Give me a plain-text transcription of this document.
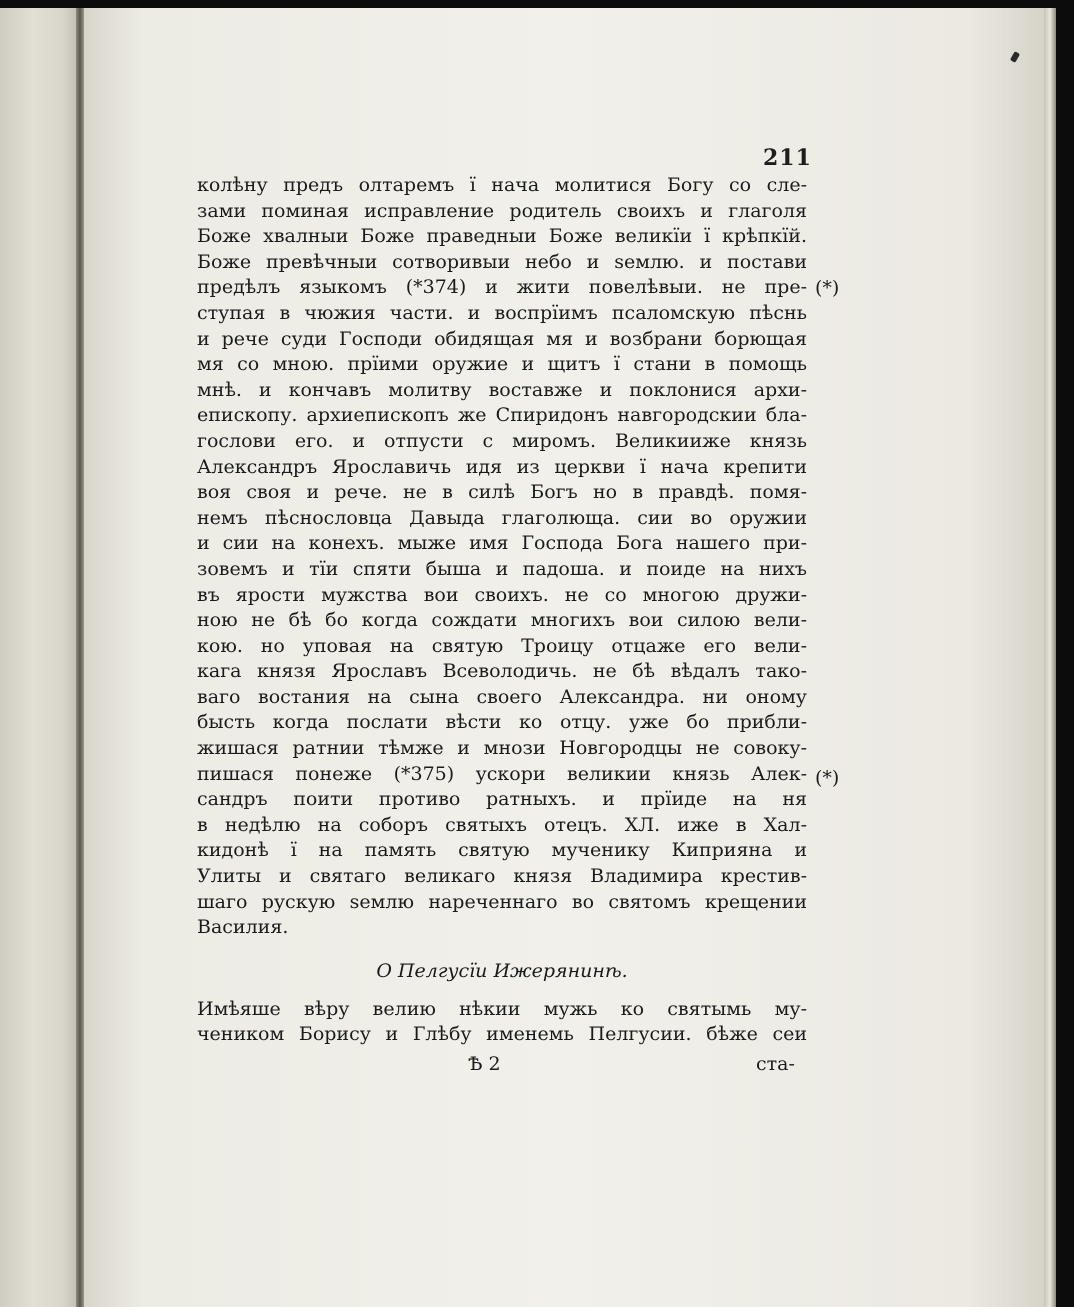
211
колѣну предъ олтаремъ ї нача молитися Богу со сле-
зами поминая исправление родитель своихъ и глаголя
Боже хвалныи Боже праведныи Боже великїи ї крѣпкїй.
Боже превѣчныи сотворивыи небо и ѕемлю. и постави
предѣлъ языкомъ (*374) и жити повелѣвыи. не пре-
ступая в чюжия части. и воспрїимъ псаломскую пѣснь
и рече суди Господи обидящая мя и возбрани борющая
мя со мною. прїими оружие и щитъ ї стани в помощь
мнѣ. и кончавъ молитву воставже и поклонися архи-
епископу. архиепископъ же Спиридонъ навгородскии бла-
гослови его. и отпусти с миромъ. Великииже князь
Александръ Ярославичь идя из церкви ї нача крепити
воя своя и рече. не в силѣ Богъ но в правдѣ. помя-
немъ пѣснословца Давыда глаголюща. сии во оружии
и сии на конехъ. мыже имя Господа Бога нашего при-
зовемъ и тїи спяти быша и падоша. и поиде на нихъ
въ ярости мужства вои своихъ. не со многою дружи-
ною не бѣ бо когда сождати многихъ вои силою вели-
кою. но уповая на святую Троицу отцаже его вели-
кага князя Ярославъ Всеволодичь. не бѣ вѣдалъ тако-
ваго востания на сына своего Александра. ни оному
бысть когда послати вѣсти ко отцу. уже бо прибли-
жишася ратнии тѣмже и мнози Новгородцы не совоку-
пишася понеже (*375) ускори великии князь Алек-
сандръ поити противо ратныхъ. и прїиде на ня
в недѣлю на соборъ святыхъ отецъ. ХЛ. иже в Хал-
кидонѣ ї на память святую мученику Киприяна и
Улиты и святаго великаго князя Владимира крестив-
шаго рускую ѕемлю нареченнаго во святомъ крещении
Василия.
О Пелгусїи Ижерянинѣ.
Имѣяше вѣру велию нѣкии мужь ко святымь му-
чеником Борису и Глѣбу именемь Пелгусии. бѣже сеи
(*)
(*)
Ѣ 2	ста-
